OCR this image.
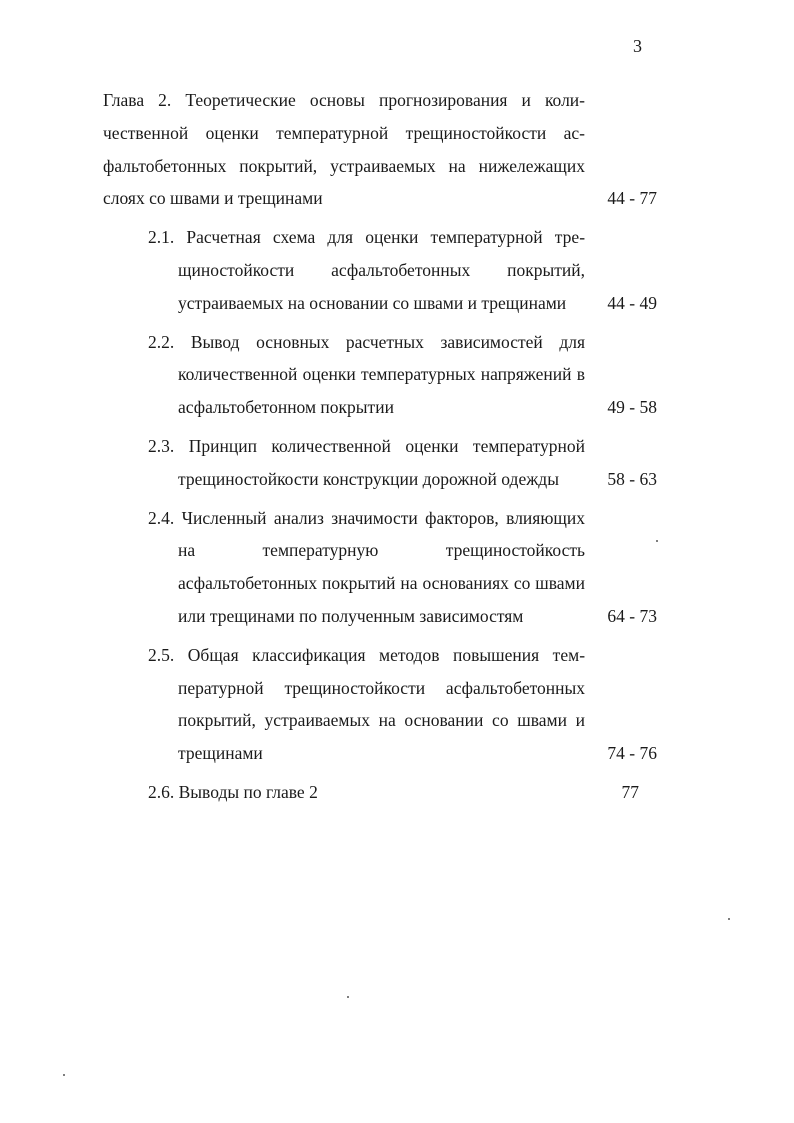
3
Глава 2. Теоретические основы прогнозирования и количественной оценки температурной трещиностойкости асфальтобетонных покрытий, устраиваемых на нижележащих слоях со швами и трещинами	44 - 77
2.1. Расчетная схема для оценки температурной трещиностойкости асфальтобетонных покрытий, устраиваемых на основании со швами и трещинами	44 - 49
2.2. Вывод основных расчетных зависимостей для количественной оценки температурных напряжений в асфальтобетонном покрытии	49 - 58
2.3. Принцип количественной оценки температурной трещиностойкости конструкции дорожной одежды	58 - 63
2.4. Численный анализ значимости факторов, влияющих на температурную трещиностойкость асфальтобетонных покрытий на основаниях со швами или трещинами по полученным зависимостям	64 - 73
2.5. Общая классификация методов повышения температурной трещиностойкости асфальтобетонных покрытий, устраиваемых на основании со швами и трещинами	74 - 76
2.6. Выводы по главе 2	77
